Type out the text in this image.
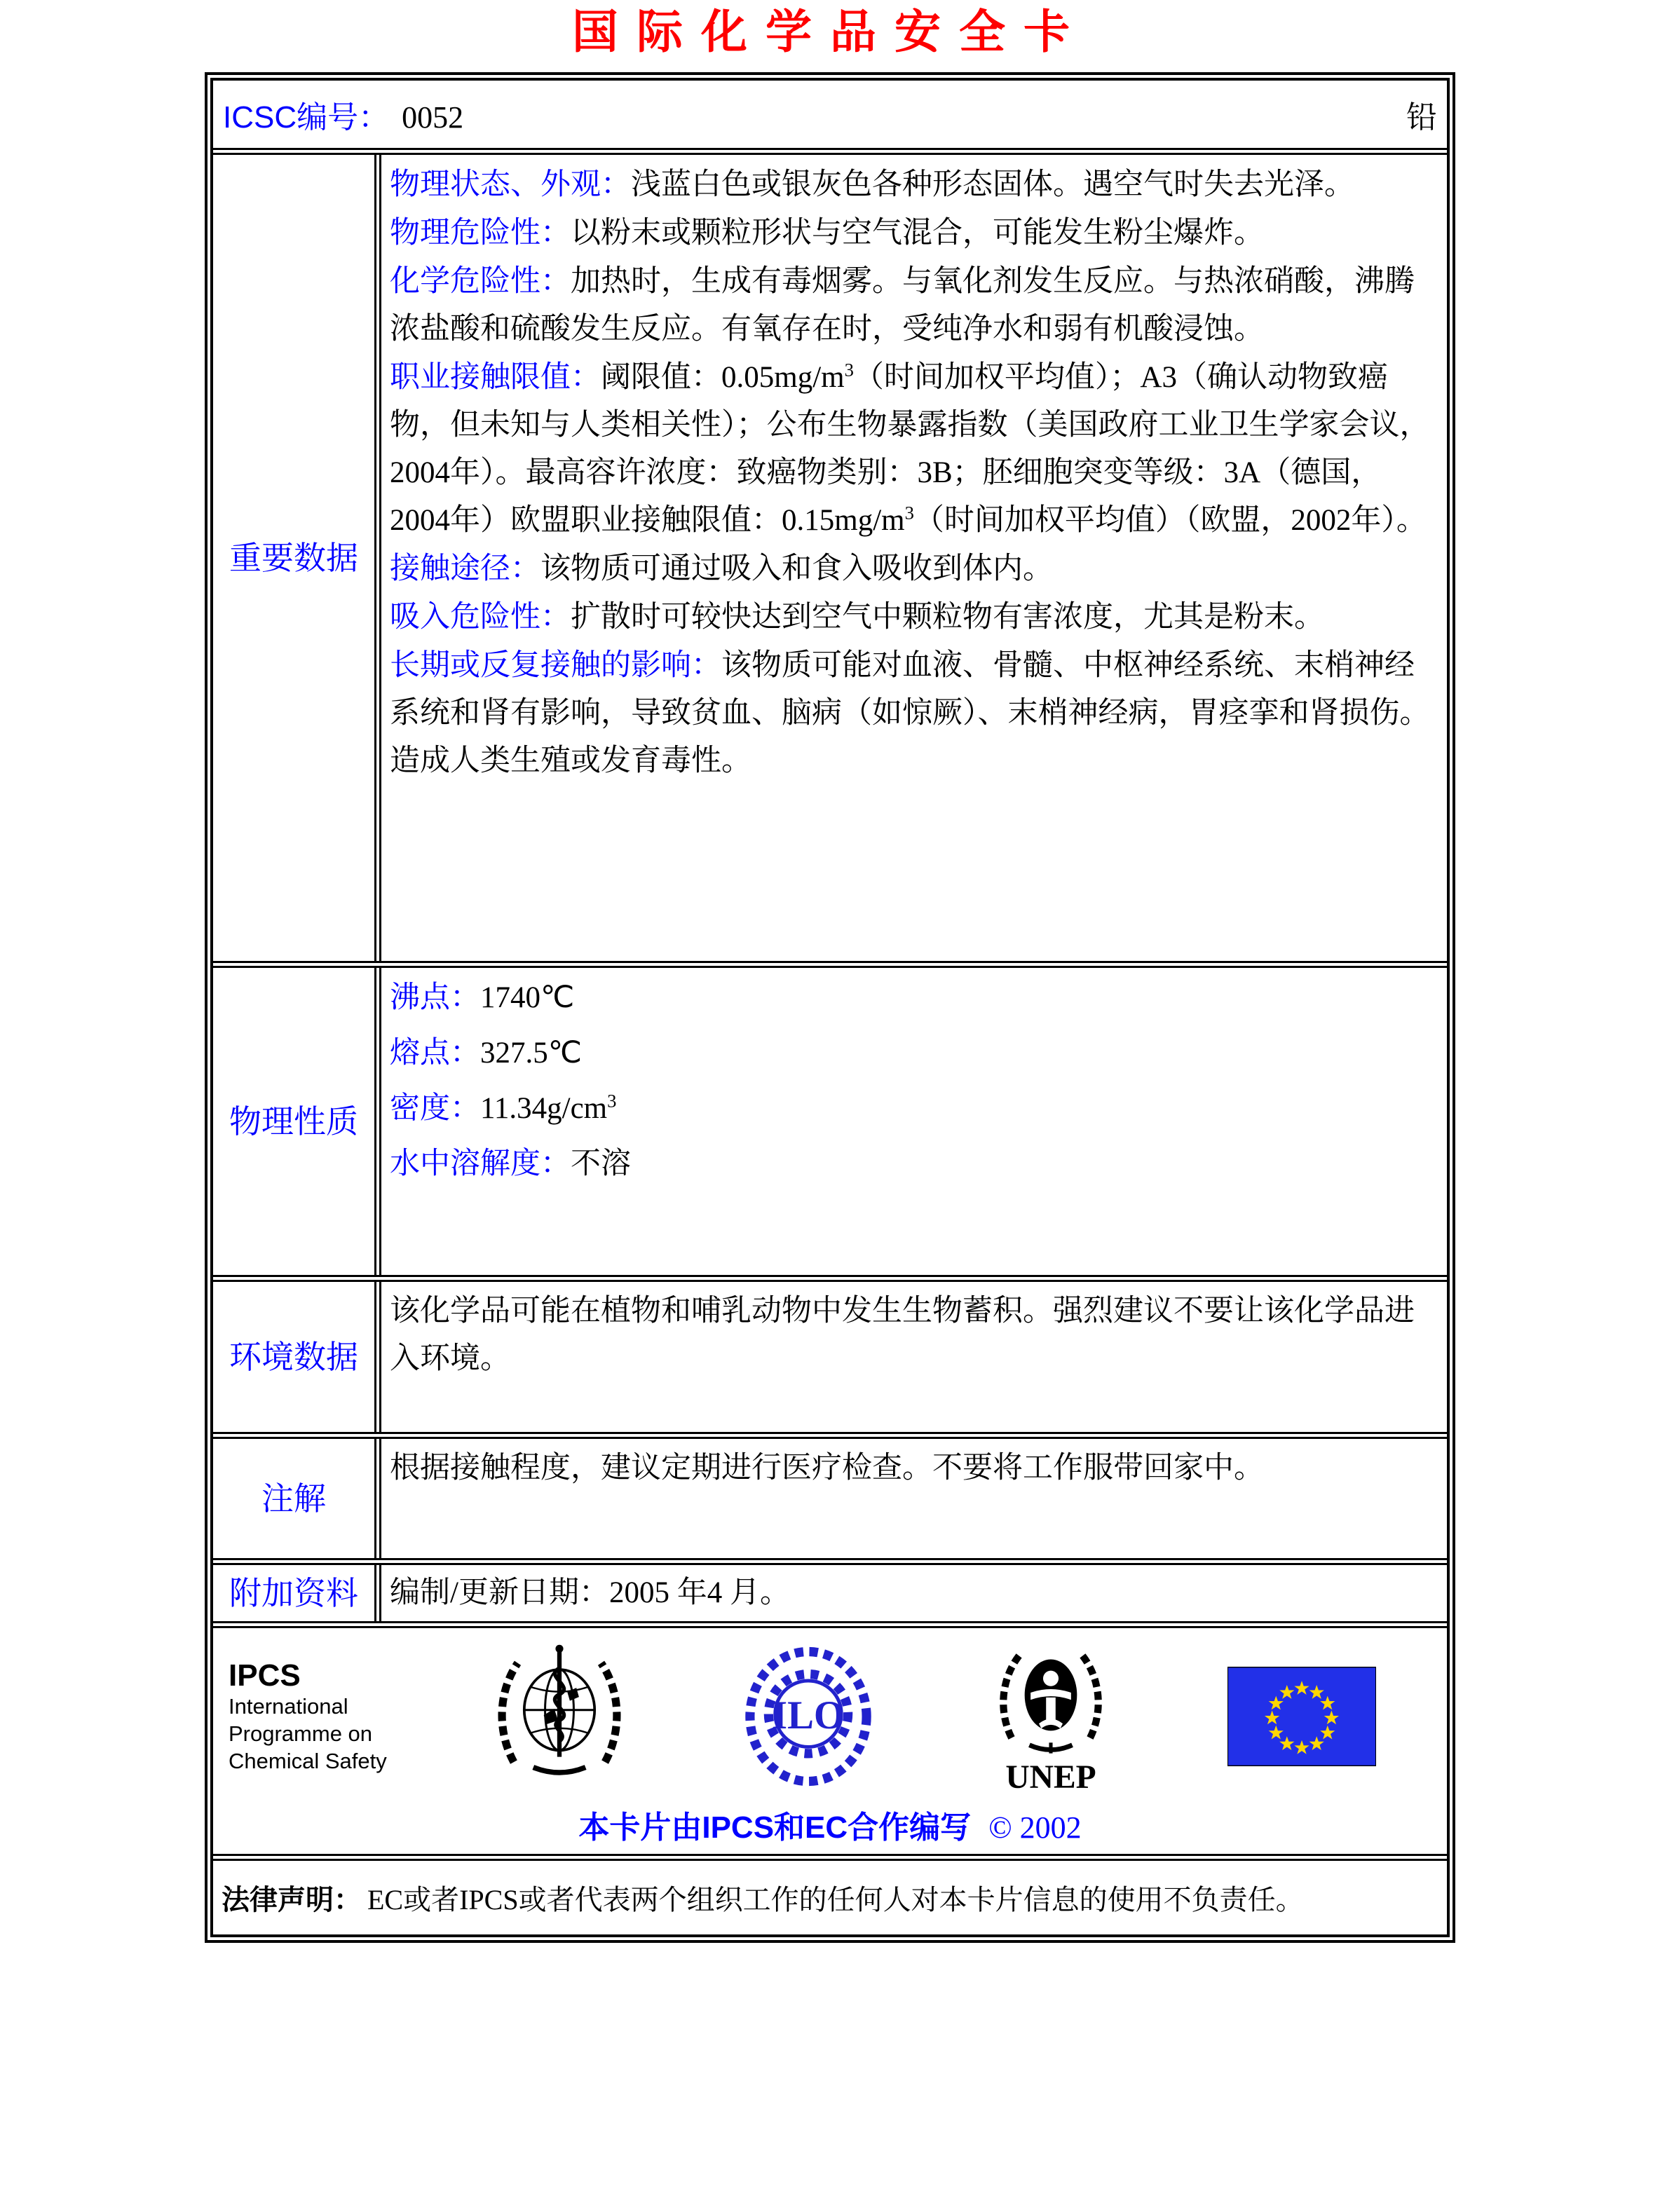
国际化学品安全卡
ICSC编号： 0052	铅
重要数据

物理状态、外观：浅蓝白色或银灰色各种形态固体。遇空气时失去光泽。

物理危险性：以粉末或颗粒形状与空气混合，可能发生粉尘爆炸。

化学危险性：加热时，生成有毒烟雾。与氧化剂发生反应。与热浓硝酸，沸腾浓盐酸和硫酸发生反应。有氧存在时，受纯净水和弱有机酸浸蚀。

职业接触限值：阈限值：$0.05mg/m^3$（时间加权平均值）；A3（确认动物致癌物，但未知与人类相关性）；公布生物暴露指数（美国政府工业卫生学家会议，2004年）。最高容许浓度：致癌物类别：3B；胚细胞突变等级：3A（德国，2004年）欧盟职业接触限值：$0.15mg/m^3$（时间加权平均值）（欧盟，2002年）。

接触途径：该物质可通过吸入和食入吸收到体内。

吸入危险性：扩散时可较快达到空气中颗粒物有害浓度，尤其是粉末。

长期或反复接触的影响：该物质可能对血液、骨髓、中枢神经系统、末梢神经系统和肾有影响，导致贫血、脑病（如惊厥）、末梢神经病，胃痉挛和肾损伤。造成人类生殖或发育毒性。

物理性质

沸点：1740℃

熔点：327.5℃

密度：$11.34g/cm^3$

水中溶解度：不溶

环境数据

该化学品可能在植物和哺乳动物中发生生物蓄积。强烈建议不要让该化学品进入环境。

注解

根据接触程度，建议定期进行医疗检查。不要将工作服带回家中。

附加资料	编制/更新日期：2005 年4 月。

IPCS
International
Programme on
Chemical Safety
ILO
UNEP
本卡片由IPCS和EC合作编写 © 2002
法律声明： EC或者IPCS或者代表两个组织工作的任何人对本卡片信息的使用不负责任。
